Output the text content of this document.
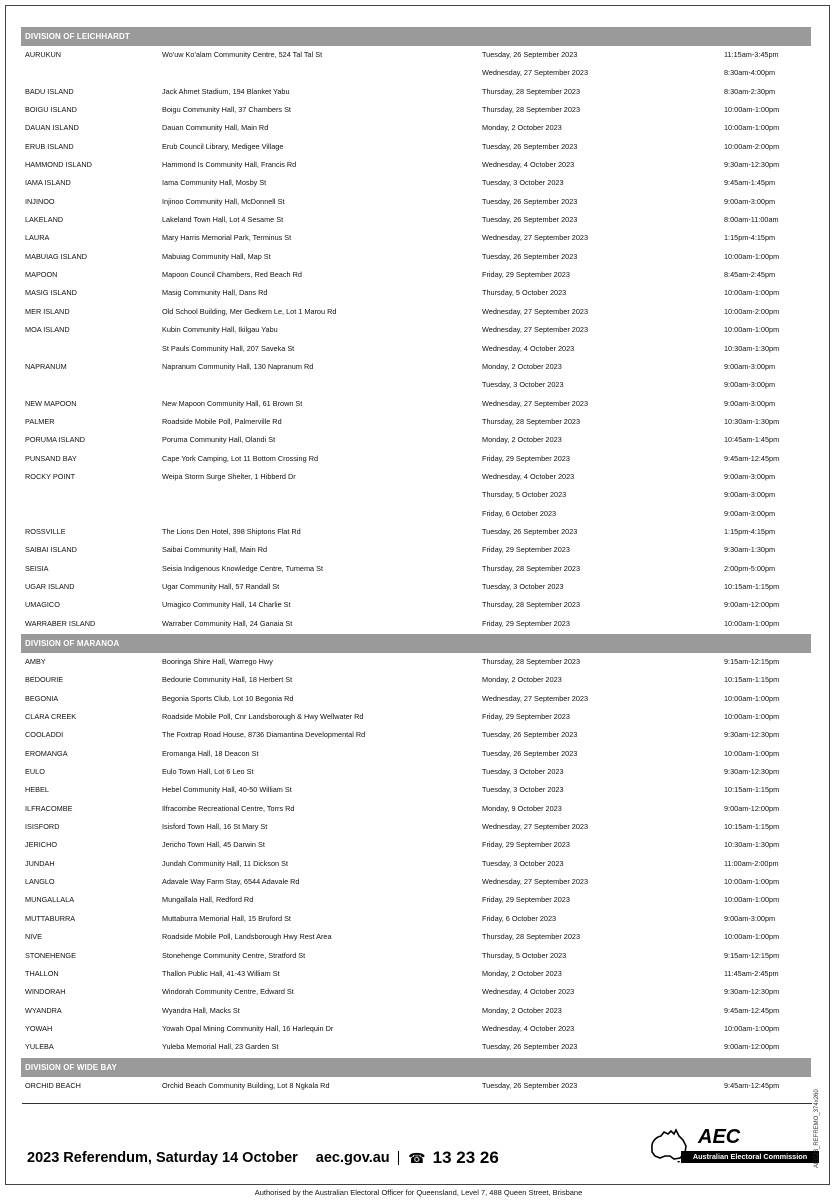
DIVISION OF LEICHHARDT
AURUKUN	Wo'uw Ko'alam Community Centre, 524 Tal Tal St	Tuesday, 26 September 2023	11:15am-3:45pm
Wednesday, 27 September 2023	8:30am-4:00pm
BADU ISLAND	Jack Ahmet Stadium, 194 Blanket Yabu	Thursday, 28 September 2023	8:30am-2:30pm
BOIGU ISLAND	Boigu Community Hall, 37 Chambers St	Thursday, 28 September 2023	10:00am-1:00pm
DAUAN ISLAND	Dauan Community Hall, Main Rd	Monday, 2 October 2023	10:00am-1:00pm
ERUB ISLAND	Erub Council Library, Medigee Village	Tuesday, 26 September 2023	10:00am-2:00pm
HAMMOND ISLAND	Hammond Is Community Hall, Francis Rd	Wednesday, 4 October 2023	9:30am-12:30pm
IAMA ISLAND	Iama Community Hall, Mosby St	Tuesday, 3 October 2023	9:45am-1:45pm
INJINOO	Injinoo Community Hall, McDonnell St	Tuesday, 26 September 2023	9:00am-3:00pm
LAKELAND	Lakeland Town Hall, Lot 4 Sesame St	Tuesday, 26 September 2023	8:00am-11:00am
LAURA	Mary Harris Memorial Park, Terminus St	Wednesday, 27 September 2023	1:15pm-4:15pm
MABUIAG ISLAND	Mabuiag Community Hall, Map St	Tuesday, 26 September 2023	10:00am-1:00pm
MAPOON	Mapoon Council Chambers, Red Beach Rd	Friday, 29 September 2023	8:45am-2:45pm
MASIG ISLAND	Masig Community Hall, Dans Rd	Thursday, 5 October 2023	10:00am-1:00pm
MER ISLAND	Old School Building, Mer Gedkem Le, Lot 1 Marou Rd	Wednesday, 27 September 2023	10:00am-2:00pm
MOA ISLAND	Kubin Community Hall, Ikilgau Yabu	Wednesday, 27 September 2023	10:00am-1:00pm
St Pauls Community Hall, 207 Saveka St	Wednesday, 4 October 2023	10:30am-1:30pm
NAPRANUM	Napranum Community Hall, 130 Napranum Rd	Monday, 2 October 2023	9:00am-3:00pm
Tuesday, 3 October 2023	9:00am-3:00pm
NEW MAPOON	New Mapoon Community Hall, 61 Brown St	Wednesday, 27 September 2023	9:00am-3:00pm
PALMER	Roadside Mobile Poll, Palmerville Rd	Thursday, 28 September 2023	10:30am-1:30pm
PORUMA ISLAND	Poruma Community Hall, Olandi St	Monday, 2 October 2023	10:45am-1:45pm
PUNSAND BAY	Cape York Camping, Lot 11 Bottom Crossing Rd	Friday, 29 September 2023	9:45am-12:45pm
ROCKY POINT	Weipa Storm Surge Shelter, 1 Hibberd Dr	Wednesday, 4 October 2023	9:00am-3:00pm
Thursday, 5 October 2023	9:00am-3:00pm
Friday, 6 October 2023	9:00am-3:00pm
ROSSVILLE	The Lions Den Hotel, 398 Shiptons Flat Rd	Tuesday, 26 September 2023	1:15pm-4:15pm
SAIBAI ISLAND	Saibai Community Hall, Main Rd	Friday, 29 September 2023	9:30am-1:30pm
SEISIA	Seisia Indigenous Knowledge Centre, Tumema St	Thursday, 28 September 2023	2:00pm-5:00pm
UGAR ISLAND	Ugar Community Hall, 57 Randall St	Tuesday, 3 October 2023	10:15am-1:15pm
UMAGICO	Umagico Community Hall, 14 Charlie St	Thursday, 28 September 2023	9:00am-12:00pm
WARRABER ISLAND	Warraber Community Hall, 24 Ganaia St	Friday, 29 September 2023	10:00am-1:00pm
DIVISION OF MARANOA
AMBY	Booringa Shire Hall, Warrego Hwy	Thursday, 28 September 2023	9:15am-12:15pm
BEDOURIE	Bedourie Community Hall, 18 Herbert St	Monday, 2 October 2023	10:15am-1:15pm
BEGONIA	Begonia Sports Club, Lot 10 Begonia Rd	Wednesday, 27 September 2023	10:00am-1:00pm
CLARA CREEK	Roadside Mobile Poll, Cnr Landsborough & Hwy Wellwater Rd	Friday, 29 September 2023	10:00am-1:00pm
COOLADDI	The Foxtrap Road House, 8736 Diamantina Developmental Rd	Tuesday, 26 September 2023	9:30am-12:30pm
EROMANGA	Eromanga Hall, 18 Deacon St	Tuesday, 26 September 2023	10:00am-1:00pm
EULO	Eulo Town Hall, Lot 6 Leo St	Tuesday, 3 October 2023	9:30am-12:30pm
HEBEL	Hebel Community Hall, 40-50 William St	Tuesday, 3 October 2023	10:15am-1:15pm
ILFRACOMBE	Ilfracombe Recreational Centre, Torrs Rd	Monday, 9 October 2023	9:00am-12:00pm
ISISFORD	Isisford Town Hall, 16 St Mary St	Wednesday, 27 September 2023	10:15am-1:15pm
JERICHO	Jericho Town Hall, 45 Darwin St	Friday, 29 September 2023	10:30am-1:30pm
JUNDAH	Jundah Community Hall, 11 Dickson St	Tuesday, 3 October 2023	11:00am-2:00pm
LANGLO	Adavale Way Farm Stay, 6544 Adavale Rd	Wednesday, 27 September 2023	10:00am-1:00pm
MUNGALLALA	Mungallala Hall, Redford Rd	Friday, 29 September 2023	10:00am-1:00pm
MUTTABURRA	Muttaburra Memorial Hall, 15 Bruford St	Friday, 6 October 2023	9:00am-3:00pm
NIVE	Roadside Mobile Poll, Landsborough Hwy Rest Area	Thursday, 28 September 2023	10:00am-1:00pm
STONEHENGE	Stonehenge Community Centre, Stratford St	Thursday, 5 October 2023	9:15am-12:15pm
THALLON	Thallon Public Hall, 41-43 William St	Monday, 2 October 2023	11:45am-2:45pm
WINDORAH	Windorah Community Centre, Edward St	Wednesday, 4 October 2023	9:30am-12:30pm
WYANDRA	Wyandra Hall, Macks St	Monday, 2 October 2023	9:45am-12:45pm
YOWAH	Yowah Opal Mining Community Hall, 16 Harlequin Dr	Wednesday, 4 October 2023	10:00am-1:00pm
YULEBA	Yuleba Memorial Hall, 23 Garden St	Tuesday, 26 September 2023	9:00am-12:00pm
DIVISION OF WIDE BAY
ORCHID BEACH	Orchid Beach Community Building, Lot 8 Ngkala Rd	Tuesday, 26 September 2023	9:45am-12:45pm
2023 Referendum, Saturday 14 October aec.gov.au ☎ 13 23 26
AEC
Australian Electoral Commission	AEC23_REFREMO_374x260
Authorised by the Australian Electoral Officer for Queensland, Level 7, 488 Queen Street, Brisbane
